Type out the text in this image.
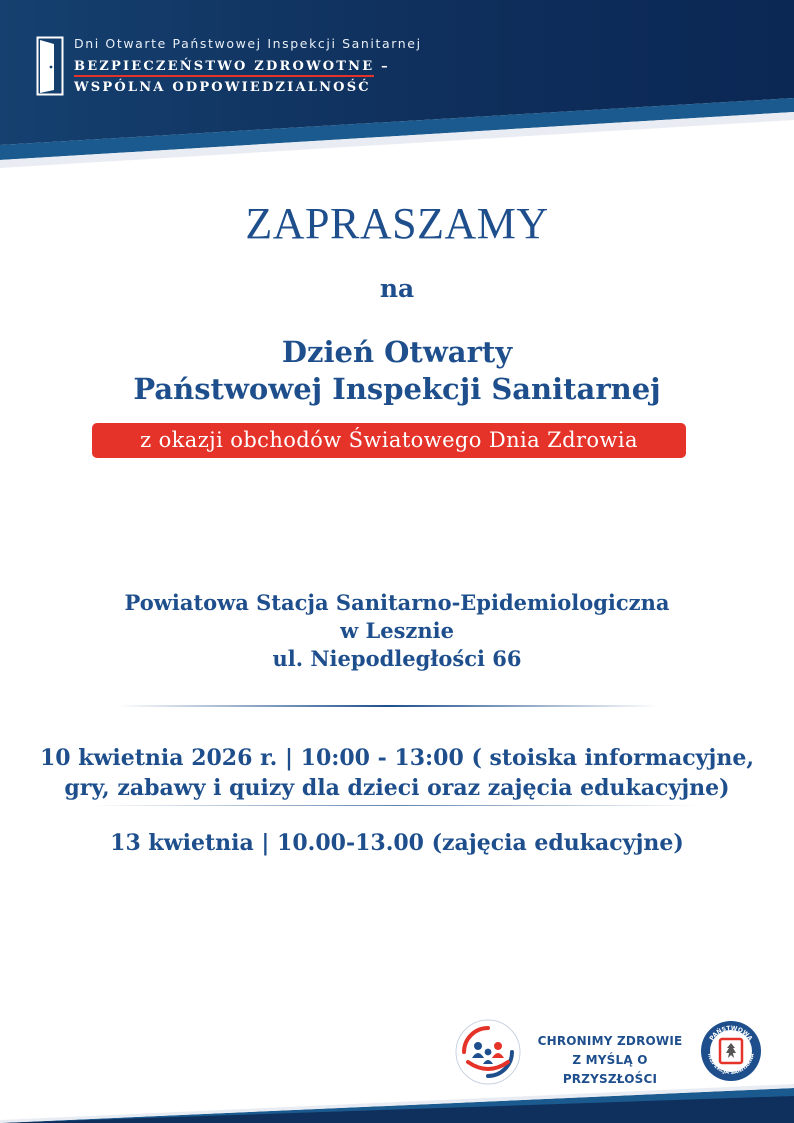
Dni Otwarte Państwowej Inspekcji Sanitarnej
BEZPIECZEŃSTWO ZDROWOTNE –
WSPÓLNA ODPOWIEDZIALNOŚĆ
ZAPRASZAMY
na
Dzień Otwarty
Państwowej Inspekcji Sanitarnej
z okazji obchodów Światowego Dnia Zdrowia
Powiatowa Stacja Sanitarno-Epidemiologiczna
w Lesznie
ul. Niepodległości 66
10 kwietnia 2026 r. | 10:00 - 13:00 ( stoiska informacyjne,
gry, zabawy i quizy dla dzieci oraz zajęcia edukacyjne)
13 kwietnia | 10.00-13.00 (zajęcia edukacyjne)
CHRONIMY ZDROWIE
Z MYŚLĄ O PRZYSZŁOŚCI
PAŃSTWOWA
INSPEKCJA SANITARNA
